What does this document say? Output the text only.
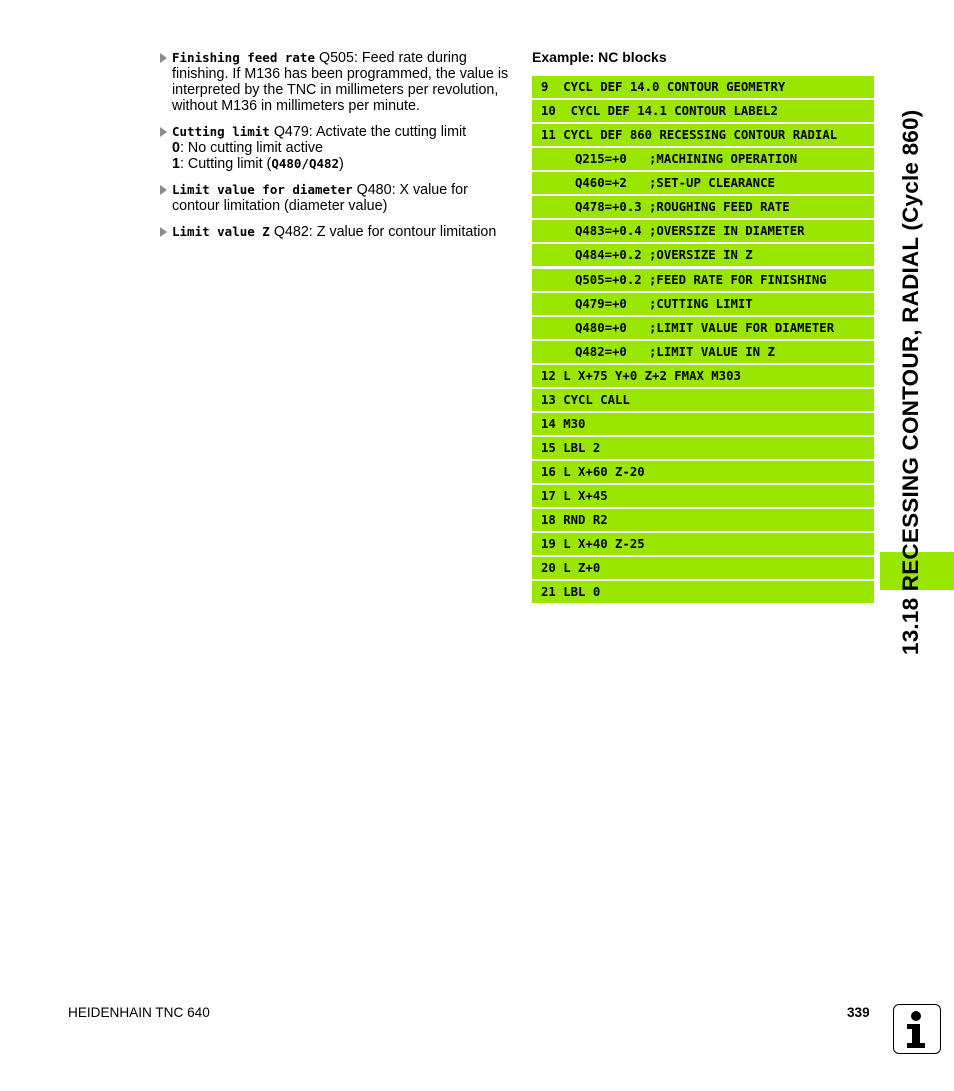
Finishing feed rate Q505: Feed rate during finishing. If M136 has been programmed, the value is interpreted by the TNC in millimeters per revolution, without M136 in millimeters per minute.
Cutting limit Q479: Activate the cutting limit
0: No cutting limit active
1: Cutting limit (Q480/Q482)
Limit value for diameter Q480: X value for contour limitation (diameter value)
Limit value Z Q482: Z value for contour limitation
Example: NC blocks
9  CYCL DEF 14.0 CONTOUR GEOMETRY
10  CYCL DEF 14.1 CONTOUR LABEL2
11 CYCL DEF 860 RECESSING CONTOUR RADIAL
Q215=+0   ;MACHINING OPERATION
Q460=+2   ;SET-UP CLEARANCE
Q478=+0.3 ;ROUGHING FEED RATE
Q483=+0.4 ;OVERSIZE IN DIAMETER
Q484=+0.2 ;OVERSIZE IN Z
Q505=+0.2 ;FEED RATE FOR FINISHING
Q479=+0   ;CUTTING LIMIT
Q480=+0   ;LIMIT VALUE FOR DIAMETER
Q482=+0   ;LIMIT VALUE IN Z
12 L X+75 Y+0 Z+2 FMAX M303
13 CYCL CALL
14 M30
15 LBL 2
16 L X+60 Z-20
17 L X+45
18 RND R2
19 L X+40 Z-25
20 L Z+0
21 LBL 0	13.18 RECESSING CONTOUR, RADIAL (Cycle 860)
HEIDENHAIN TNC 640	339
